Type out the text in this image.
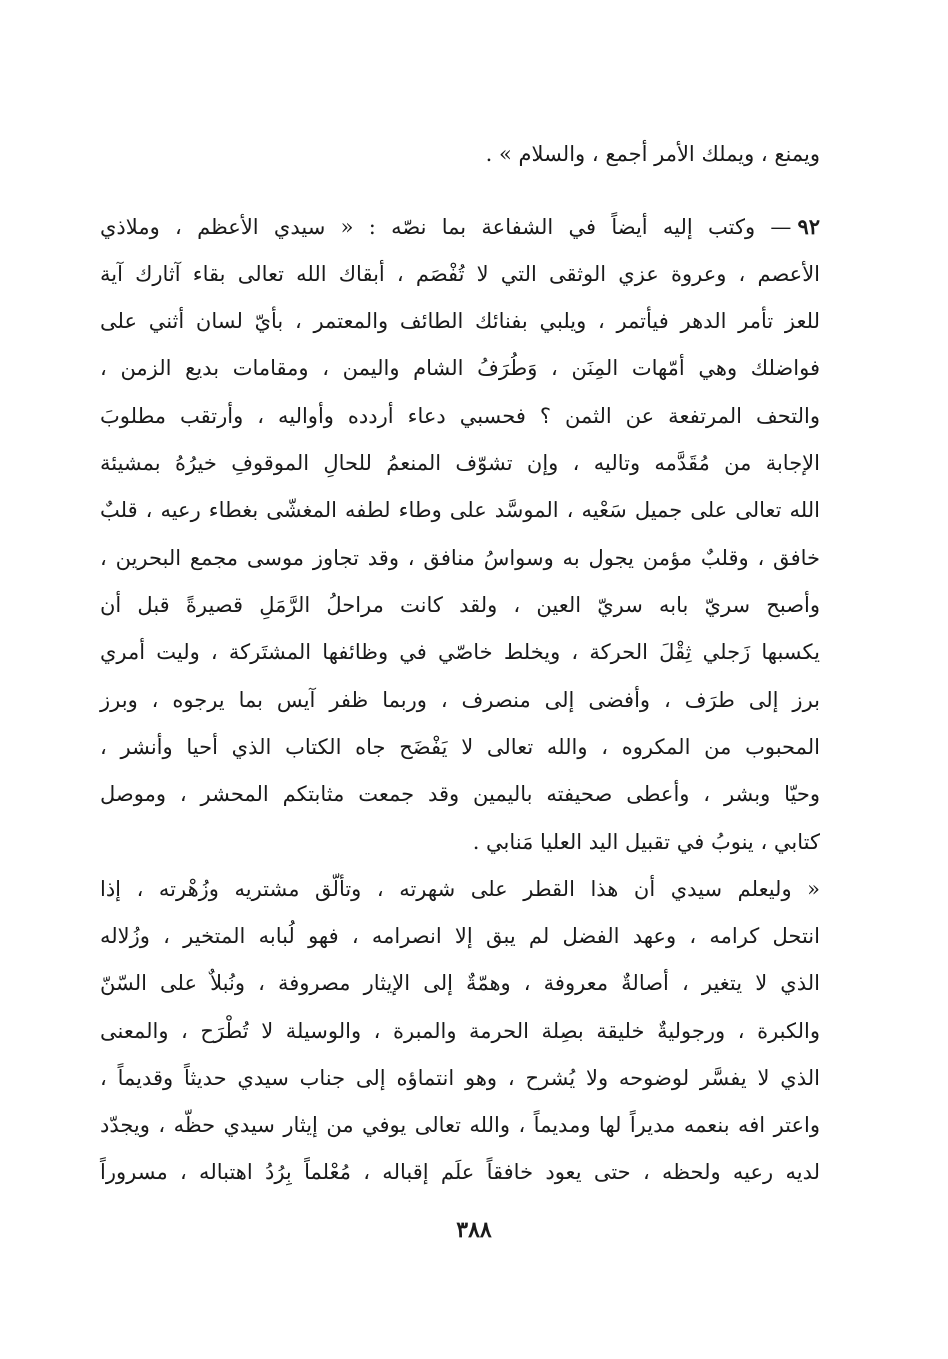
ويمنع ، ويملك الأمر أجمع ، والسلام » .
٩٢— وكتب إليه أيضاً في الشفاعة بما نصّه : « سيدي الأعظم ، وملاذي
الأعصم ، وعروة عزي الوثقى التي لا تُفْصَم ، أبقاك الله تعالى بقاء آثارك آية
للعز تأمر الدهر فيأتمر ، ويلبي بفنائك الطائف والمعتمر ، بأيّ لسان أثني على
فواضلك وهي أمّهات المِنَن ، وَطُرَفُ الشام واليمن ، ومقامات بديع الزمن ،
والتحف المرتفعة عن الثمن ؟ فحسبي دعاء أردده وأواليه ، وأرتقب مطلوبَ
الإجابة من مُقَدَّمه وتاليه ، وإن تشوّف المنعمُ للحالِ الموقوفِ خيرُهُ بمشيئة
الله تعالى على جميل سَعْيه ، الموسَّد على وطاء لطفه المغشّى بغطاء رعيه ، قلبٌ
خافق ، وقلبٌ مؤمن يجول به وسواسُ منافق ، وقد تجاوز موسى مجمع البحرين ،
وأصبح سريّ بابه سريّ العين ، ولقد كانت مراحلُ الرَّمَلِ قصيرةً قبل أن
يكسبها زَجلي ثِقْلَ الحركة ، ويخلط خاصّي في وظائفها المشتَركة ، وليت أمري
برز إلى طرَف ، وأفضى إلى منصرف ، وربما ظفر آيس بما يرجوه ، وبرز
المحبوب من المكروه ، والله تعالى لا يَفْضَح جاه الكتاب الذي أحيا وأنشر ،
وحيّا وبشر ، وأعطى صحيفته باليمين وقد جمعت مثابتكم المحشر ، وموصل
كتابي ، ينوبُ في تقبيل اليد العليا مَنابي .
« وليعلم سيدي أن هذا القطر على شهرته ، وتألّق مشتريه وزُهْرته ، إذا
انتحل كرامه ، وعهد الفضل لم يبق إلا انصرامه ، فهو لُبابه المتخير ، وزُلاله
الذي لا يتغير ، أصالةٌ معروفة ، وهمّةٌ إلى الإيثار مصروفة ، ونُبلاٌ على السّنّ
والكبرة ، ورجوليةٌ خليقة بصِلة الحرمة والمبرة ، والوسيلة لا تُطْرَح ، والمعنى
الذي لا يفسَّر لوضوحه ولا يُشرح ، وهو انتماؤه إلى جناب سيدي حديثاً وقديماً ،
واعتر افه بنعمه مديراً لها ومديماً ، والله تعالى يوفي من إيثار سيدي حظّه ، ويجدّد
لديه رعيه ولحظه ، حتى يعود خافقاً علَم إقباله ، مُعْلماً بِرُدُ اهتباله ، مسروراً
٣٨٨
